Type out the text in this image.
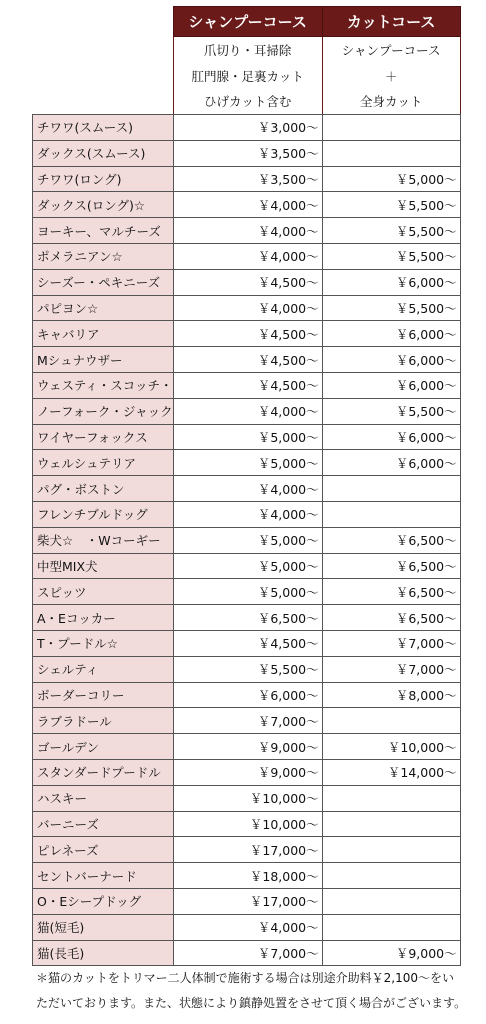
	シャンプーコース	カットコース
	爪切り・耳掃除	シャンプーコース
	肛門腺・足裏カット	＋
	ひげカット含む	全身カット
チワワ(スムース)	￥3,000～	
ダックス(スムース)	￥3,500～	
チワワ(ロング)	￥3,500～	￥5,000～
ダックス(ロング)☆	￥4,000～	￥5,500～
ヨーキー、マルチーズ	￥4,000～	￥5,500～
ポメラニアン☆	￥4,000～	￥5,500～
シーズー・ペキニーズ	￥4,500～	￥6,000～
パピヨン☆	￥4,000～	￥5,500～
キャバリア	￥4,500～	￥6,000～
Mシュナウザー	￥4,500～	￥6,000～
ウェスティ・スコッチ・	￥4,500～	￥6,000～
ノーフォーク・ジャック	￥4,000～	￥5,500～
ワイヤーフォックス	￥5,000～	￥6,000～
ウェルシュテリア	￥5,000～	￥6,000～
パグ・ボストン	￥4,000～	
フレンチブルドッグ	￥4,000～	
柴犬☆　・Wコーギー	￥5,000～	￥6,500～
中型MIX犬	￥5,000～	￥6,500～
スピッツ	￥5,000～	￥6,500～
A・Eコッカー	￥6,500～	￥6,500～
T・プードル☆	￥4,500～	￥7,000～
シェルティ	￥5,500～	￥7,000～
ボーダーコリー	￥6,000～	￥8,000～
ラブラドール	￥7,000～	
ゴールデン	￥9,000～	￥10,000～
スタンダードプードル	￥9,000～	￥14,000～
ハスキー	￥10,000～	
バーニーズ	￥10,000～	
ピレネーズ	￥17,000～	
セントバーナード	￥18,000～	
O・Eシープドッグ	￥17,000～	
猫(短毛)	￥4,000～	
猫(長毛)	￥7,000～	￥9,000～

＊猫のカットをトリマー二人体制で施術する場合は別途介助料￥2,100～をい

ただいております。また、状態により鎮静処置をさせて頂く場合がございます。
